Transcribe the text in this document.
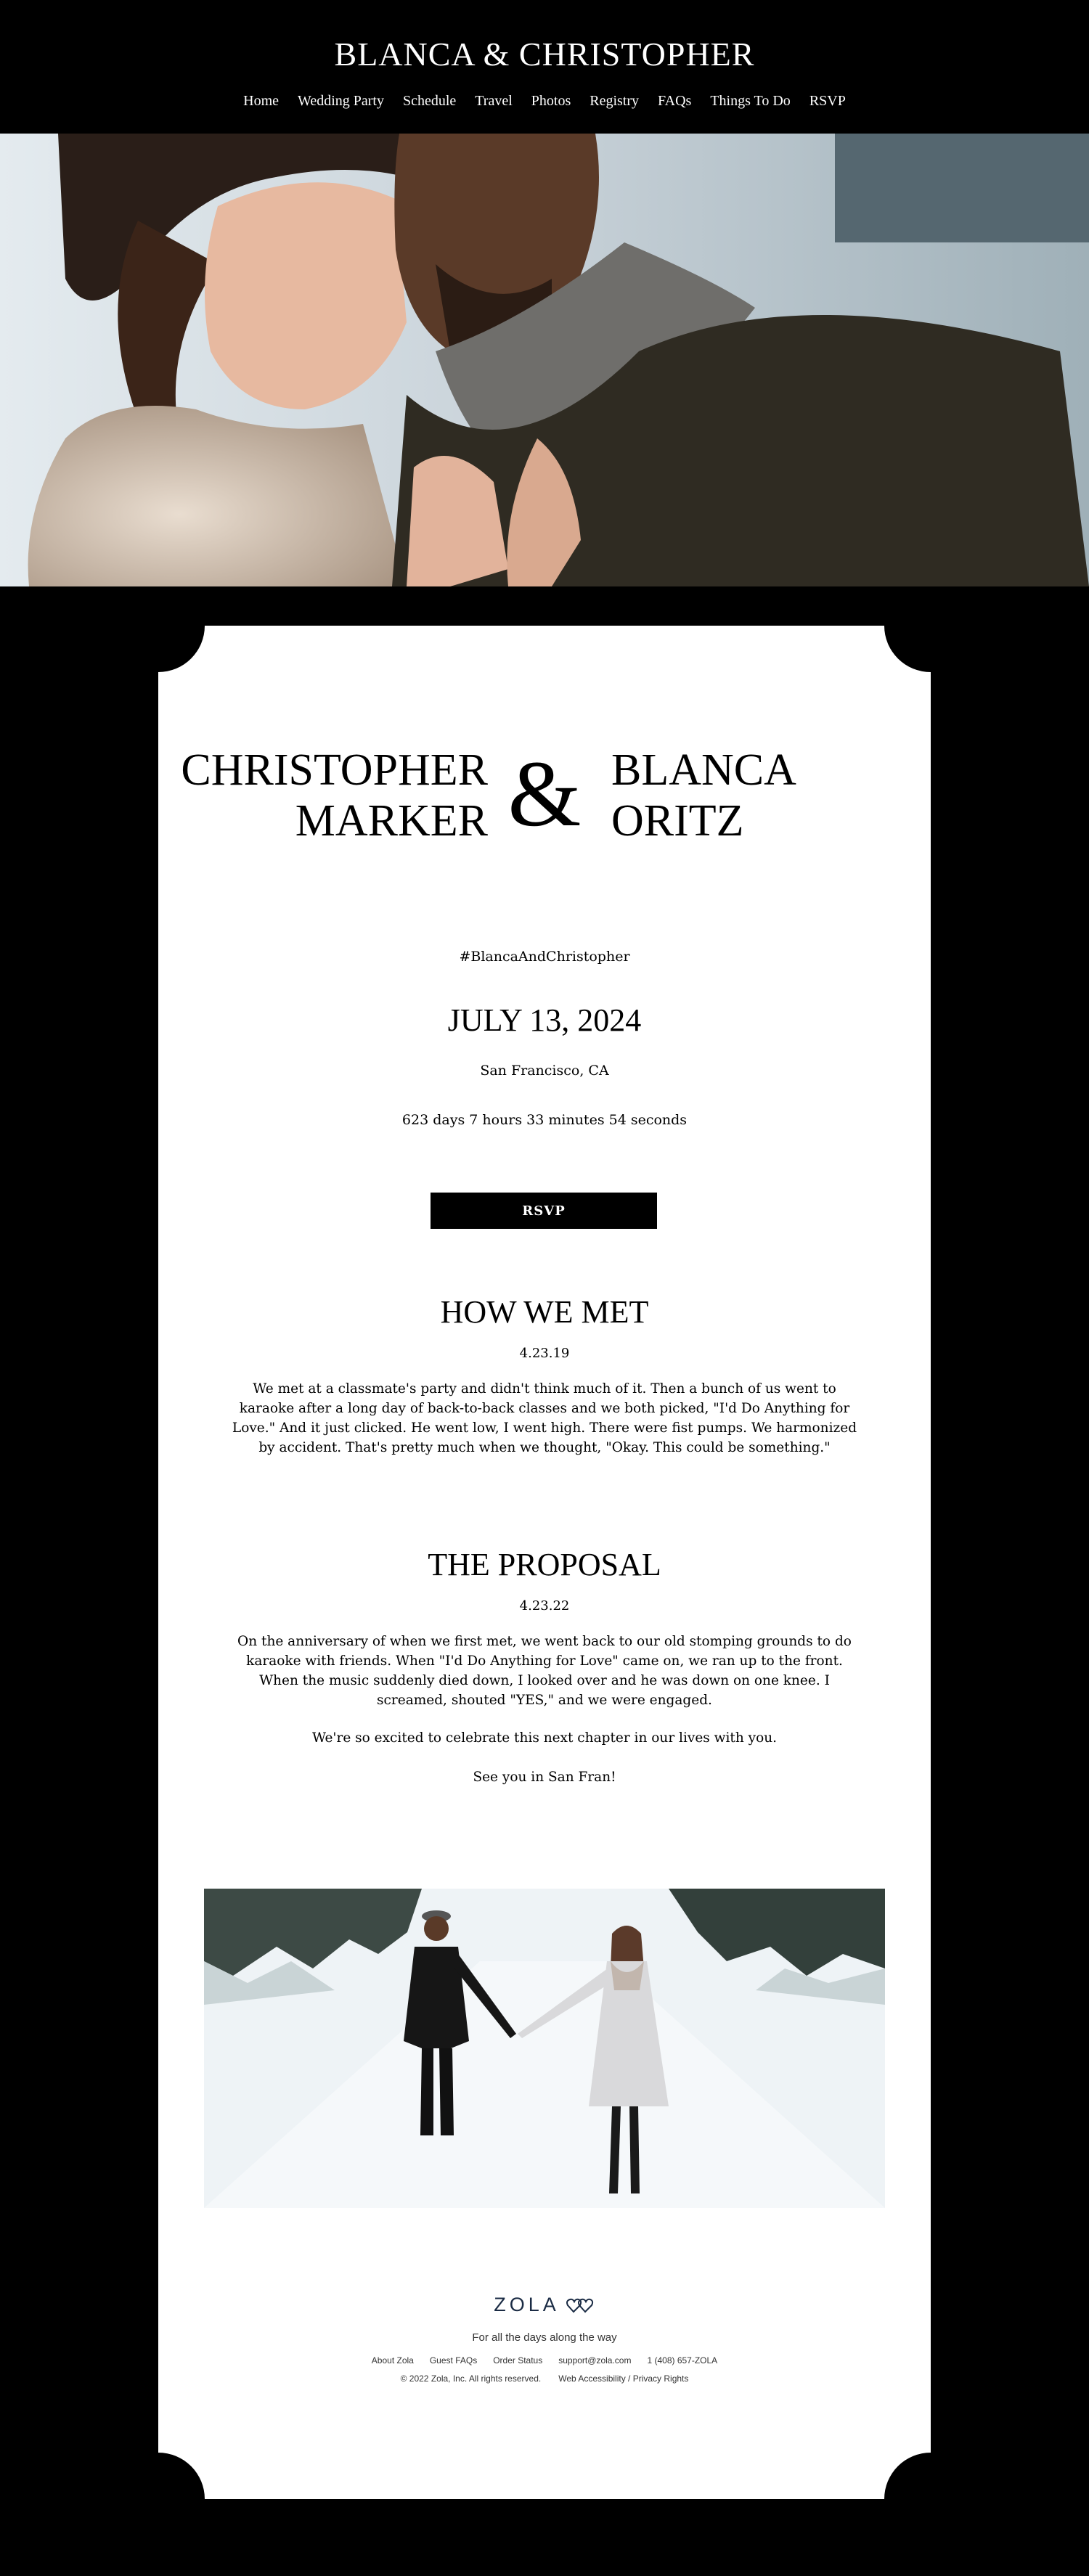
BLANCA & CHRISTOPHER
Home Wedding Party Schedule Travel Photos Registry FAQs Things To Do RSVP
CHRISTOPHER
MARKER & BLANCA
ORITZ

#BlancaAndChristopher

JULY 13, 2024

San Francisco, CA

623 days 7 hours 33 minutes 54 seconds

RSVP
HOW WE MET

4.23.19

We met at a classmate's party and didn't think much of it. Then a bunch of us went to karaoke after a long day of back-to-back classes and we both picked, "I'd Do Anything for Love." And it just clicked. He went low, I went high. There were fist pumps. We harmonized by accident. That's pretty much when we thought, "Okay. This could be something."

THE PROPOSAL

4.23.22

On the anniversary of when we first met, we went back to our old stomping grounds to do karaoke with friends. When "I'd Do Anything for Love" came on, we ran up to the front. When the music suddenly died down, I looked over and he was down on one knee. I screamed, shouted "YES," and we were engaged.

We're so excited to celebrate this next chapter in our lives with you.

See you in San Fran!

ZOLA
For all the days along the way
About Zola Guest FAQs Order Status support@zola.com 1 (408) 657-ZOLA
© 2022 Zola, Inc. All rights reserved. Web Accessibility / Privacy Rights
